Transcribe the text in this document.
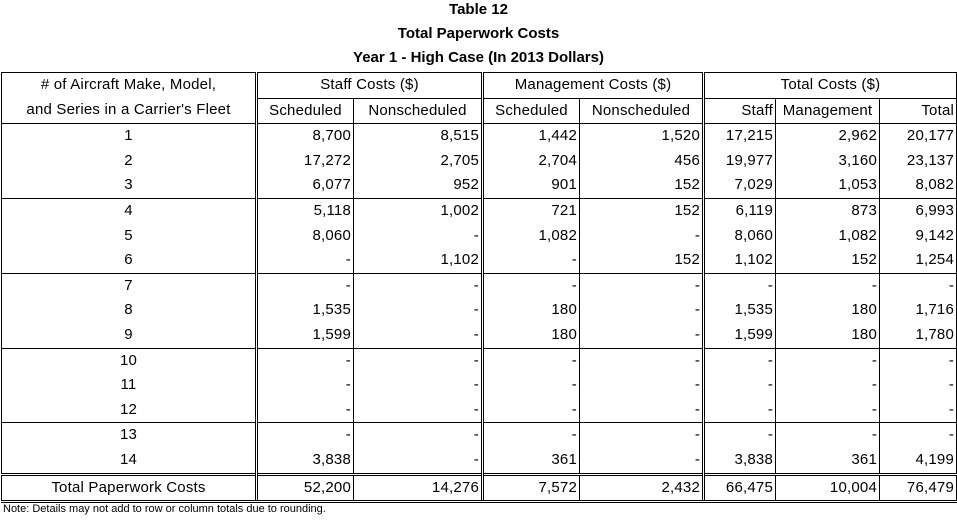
Table 12
Total Paperwork Costs
Year 1 - High Case (In 2013 Dollars)
# of Aircraft Make, Model,	Staff Costs ($)		Management Costs ($)		Total Costs ($)		
and Series in a Carrier's Fleet	Scheduled	Nonscheduled	Scheduled	Nonscheduled	Staff	Management	Total
1	8,700	8,515	1,442	1,520	17,215	2,962	20,177
2	17,272	2,705	2,704	456	19,977	3,160	23,137
3	6,077	952	901	152	7,029	1,053	8,082
4	5,118	1,002	721	152	6,119	873	6,993
5	8,060	-	1,082	-	8,060	1,082	9,142
6	-	1,102	-	152	1,102	152	1,254
7	-	-	-	-	-	-	-
8	1,535	-	180	-	1,535	180	1,716
9	1,599	-	180	-	1,599	180	1,780
10	-	-	-	-	-	-	-
11	-	-	-	-	-	-	-
12	-	-	-	-	-	-	-
13	-	-	-	-	-	-	-
14	3,838	-	361	-	3,838	361	4,199
Total Paperwork Costs	52,200	14,276	7,572	2,432	66,475	10,004	76,479
Note: Details may not add to row or column totals due to rounding.
